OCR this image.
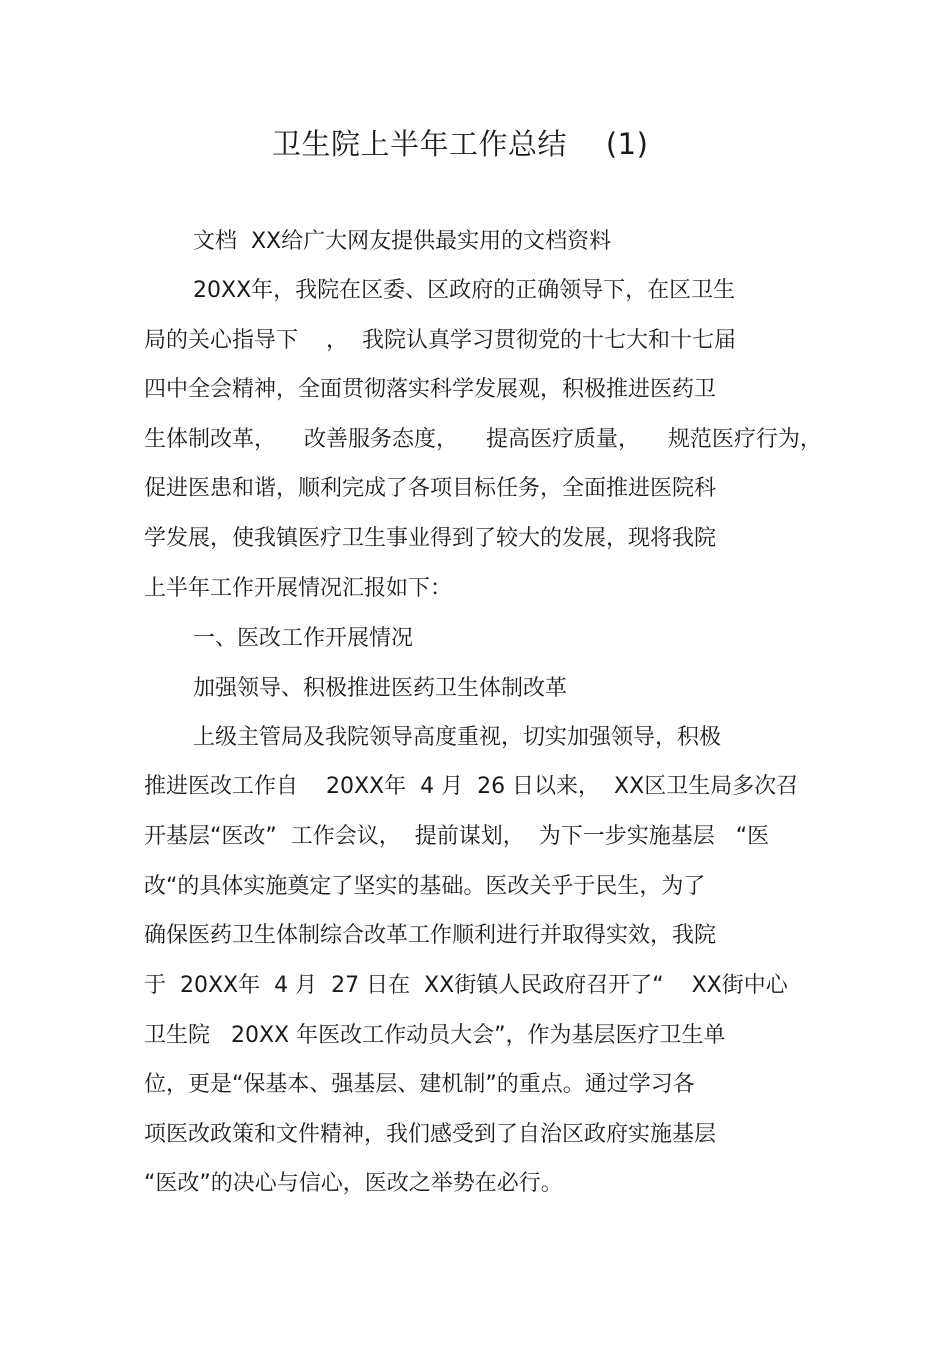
卫生院上半年工作总结    (1)
文档  XX给广大网友提供最实用的文档资料
20XX年，我院在区委、区政府的正确领导下，在区卫生
局的关心指导下    ，  我院认真学习贯彻党的十七大和十七届
四中全会精神，全面贯彻落实科学发展观，积极推进医药卫
生体制改革，    改善服务态度，    提高医疗质量，    规范医疗行为，
促进医患和谐，顺利完成了各项目标任务，全面推进医院科
学发展，使我镇医疗卫生事业得到了较大的发展，现将我院
上半年工作开展情况汇报如下：
一、医改工作开展情况
加强领导、积极推进医药卫生体制改革
上级主管局及我院领导高度重视，切实加强领导，积极
推进医改工作自    20XX年  4 月  26 日以来，  XX区卫生局多次召
开基层“医改”  工作会议，  提前谋划，  为下一步实施基层   “医
改“的具体实施奠定了坚实的基础。医改关乎于民生，为了
确保医药卫生体制综合改革工作顺利进行并取得实效，我院
于  20XX年  4 月  27 日在  XX街镇人民政府召开了“    XX街中心
卫生院   20XX 年医改工作动员大会”，作为基层医疗卫生单
位，更是“保基本、强基层、建机制”的重点。通过学习各
项医改政策和文件精神，我们感受到了自治区政府实施基层
“医改”的决心与信心，医改之举势在必行。
